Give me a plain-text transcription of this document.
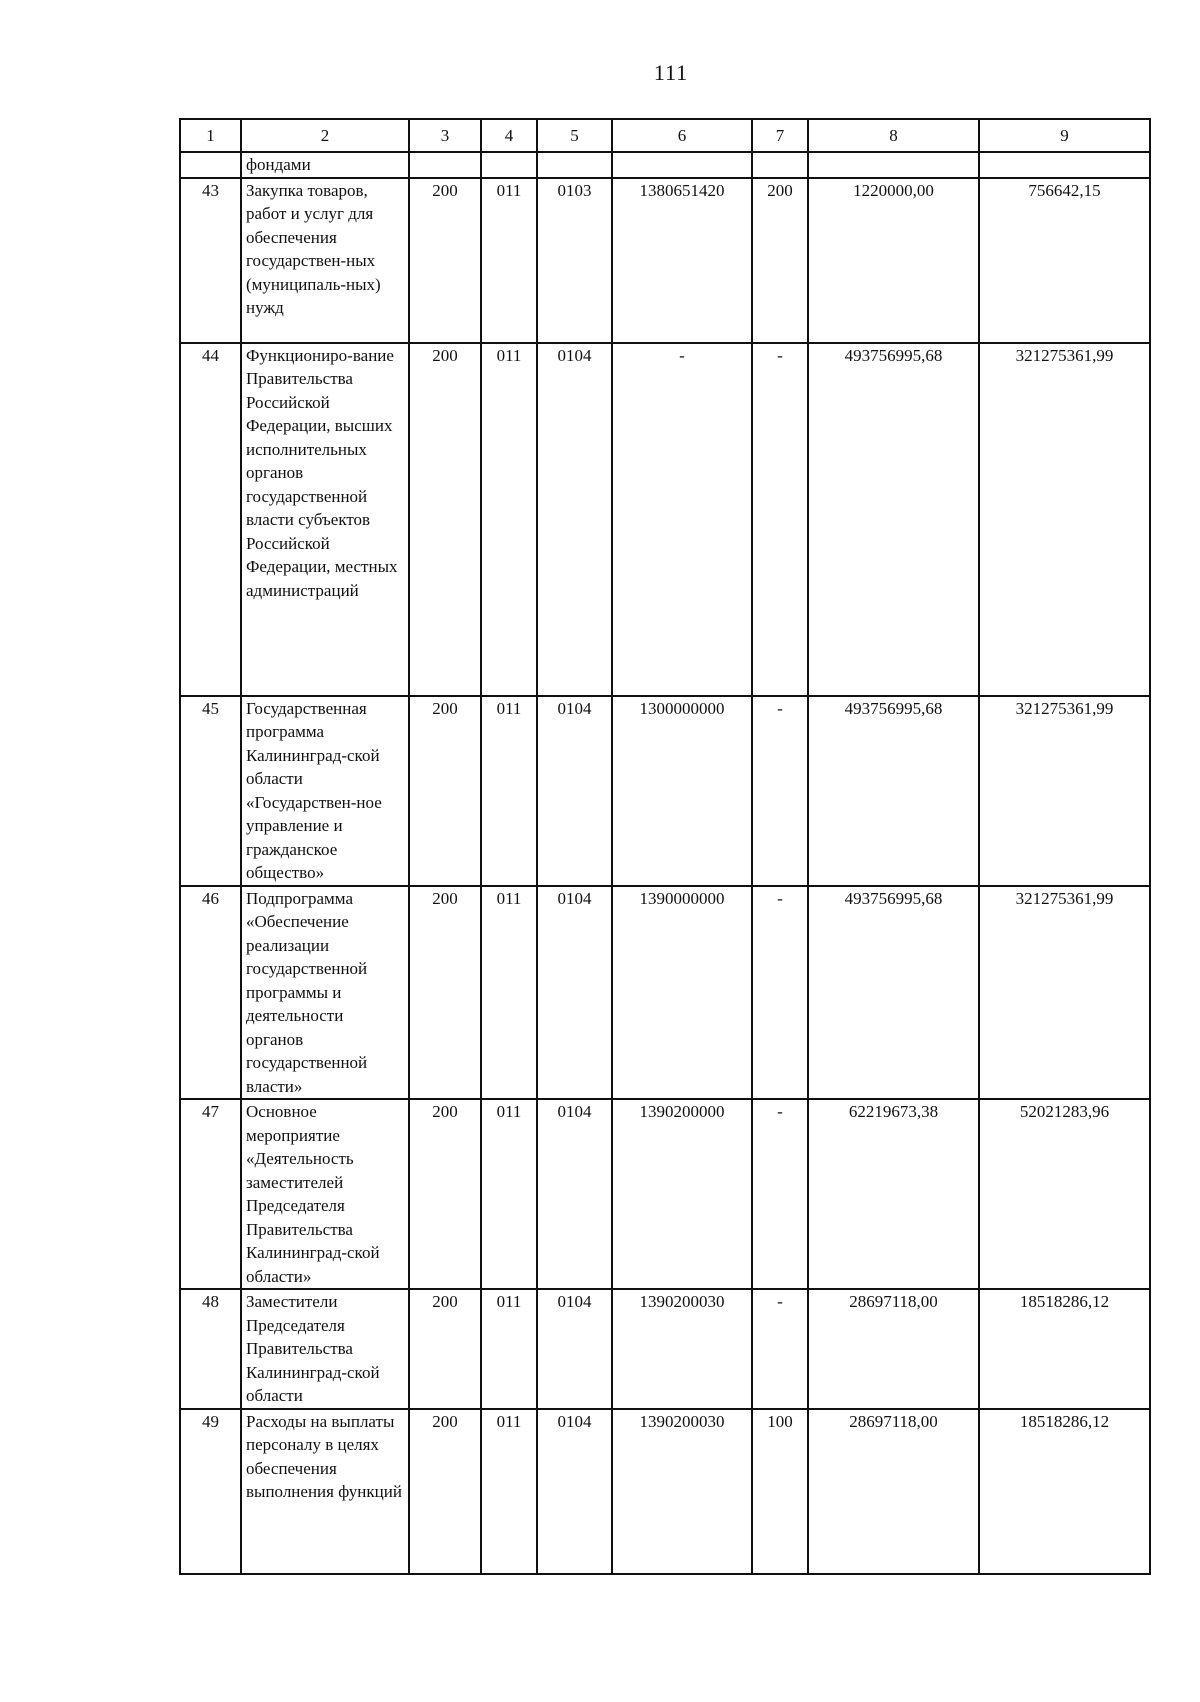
111
1	2	3	4	5	6	7	8	9
	фондами							
43	Закупка товаров, работ и услуг для обеспечения государствен-ных (муниципаль-ных) нужд	200	011	0103	1380651420	200	1220000,00	756642,15
44	Функциониро-вание Правительства Российской Федерации, высших исполнительных органов государственной власти субъектов Российской Федерации, местных администраций	200	011	0104	-	-	493756995,68	321275361,99
45	Государственная программа Калининград-ской области «Государствен-ное управление и гражданское общество»	200	011	0104	1300000000	-	493756995,68	321275361,99
46	Подпрограмма «Обеспечение реализации государственной программы и деятельности органов государственной власти»	200	011	0104	1390000000	-	493756995,68	321275361,99
47	Основное мероприятие «Деятельность заместителей Председателя Правительства Калининград-ской области»	200	011	0104	1390200000	-	62219673,38	52021283,96
48	Заместители Председателя Правительства Калининград-ской области	200	011	0104	1390200030	-	28697118,00	18518286,12
49	Расходы на выплаты персоналу в целях обеспечения выполнения функций	200	011	0104	1390200030	100	28697118,00	18518286,12
